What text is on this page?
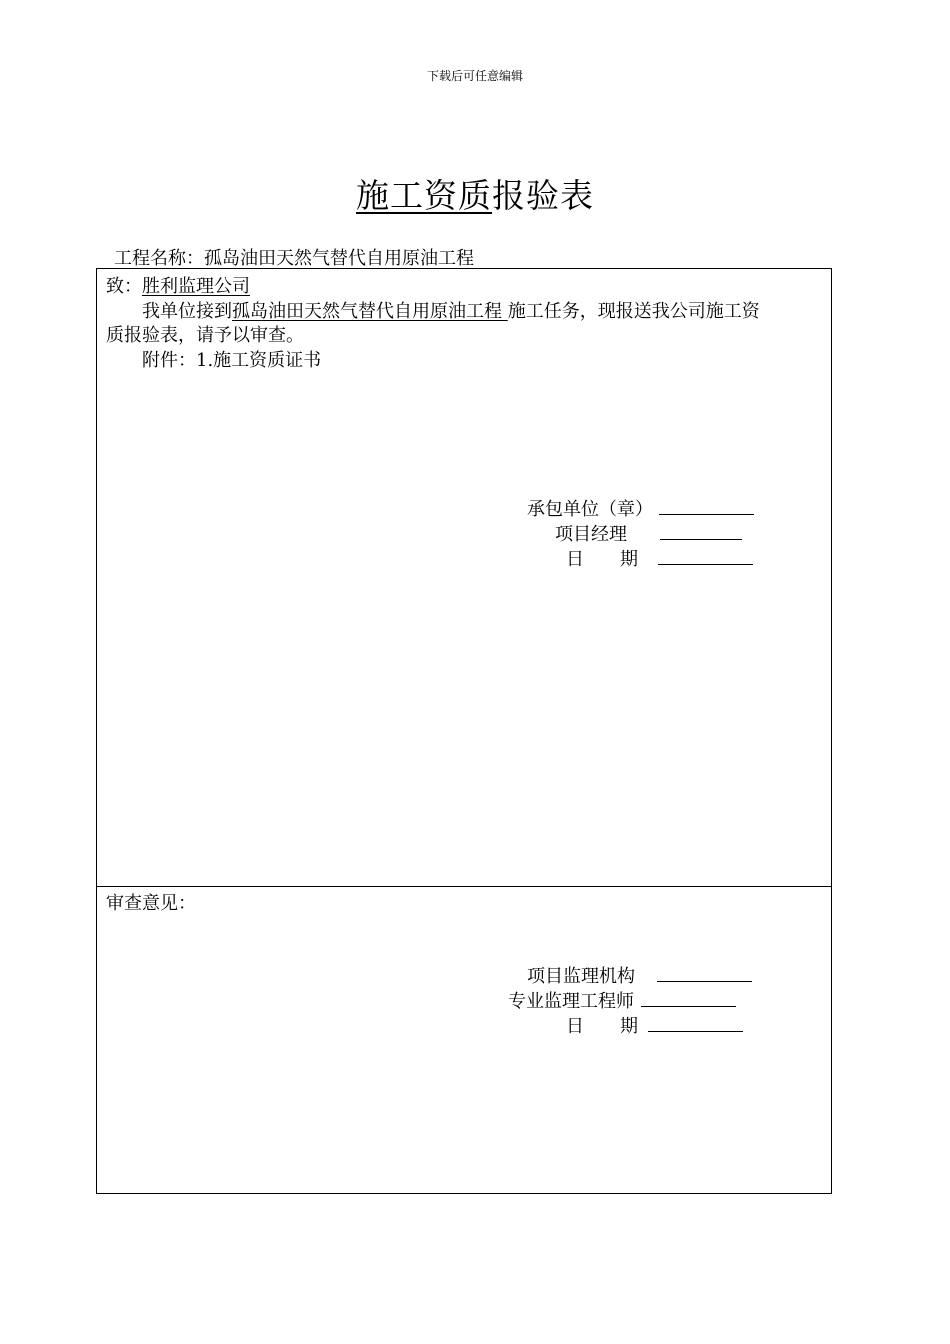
下载后可任意编辑
施工资质报验表
工程名称：孤岛油田天然气替代自用原油工程
致：胜利监理公司
我单位接到孤岛油田天然气替代自用原油工程 施工任务，现报送我公司施工资
质报验表，请予以审查。
附件：1.施工资质证书
承包单位（章）
项目经理
日　　期
审查意见：
项目监理机构
专业监理工程师
日　　期
